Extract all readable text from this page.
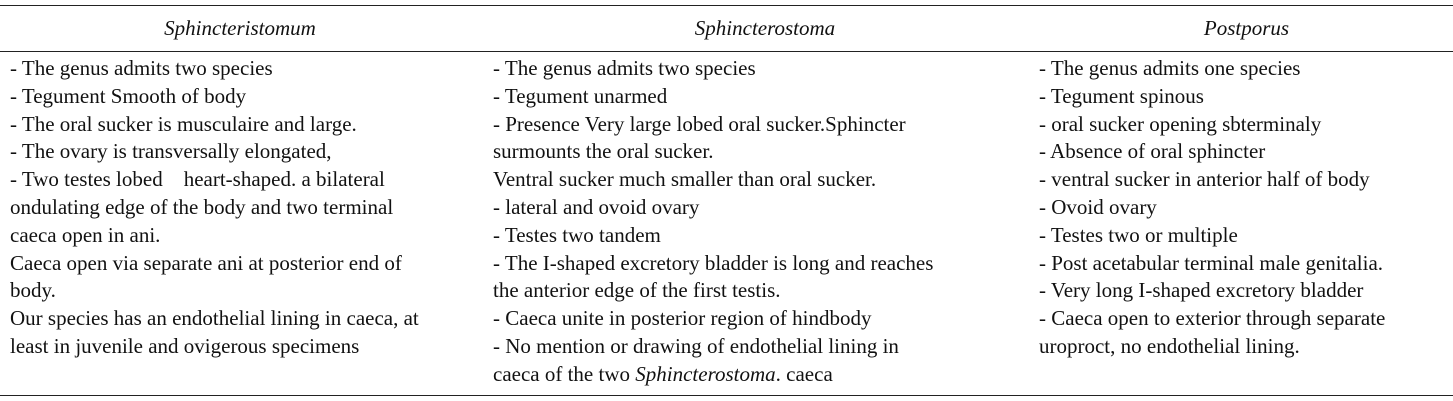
Sphincteristomum	Sphincterostoma	Postporus
- The genus admits two species
- Tegument Smooth of body
- The oral sucker is musculaire and large.
- The ovary is transversally elongated,
- Two testes lobed    heart-shaped. a bilateral
ondulating edge of the body and two terminal
caeca open in ani.
Caeca open via separate ani at posterior end of
body.
Our species has an endothelial lining in caeca, at
least in juvenile and ovigerous specimens
- The genus admits two species
- Tegument unarmed
- Presence Very large lobed oral sucker.Sphincter
surmounts the oral sucker.
Ventral sucker much smaller than oral sucker.
- lateral and ovoid ovary
- Testes two tandem
- The I-shaped excretory bladder is long and reaches
the anterior edge of the first testis.
- Caeca unite in posterior region of hindbody
- No mention or drawing of endothelial lining in
caeca of the two Sphincterostoma. caeca
- The genus admits one species
- Tegument spinous
- oral sucker opening sbterminaly
- Absence of oral sphincter
- ventral sucker in anterior half of body
- Ovoid ovary
- Testes two or multiple
- Post acetabular terminal male genitalia.
- Very long I-shaped excretory bladder
- Caeca open to exterior through separate
uroproct, no endothelial lining.
